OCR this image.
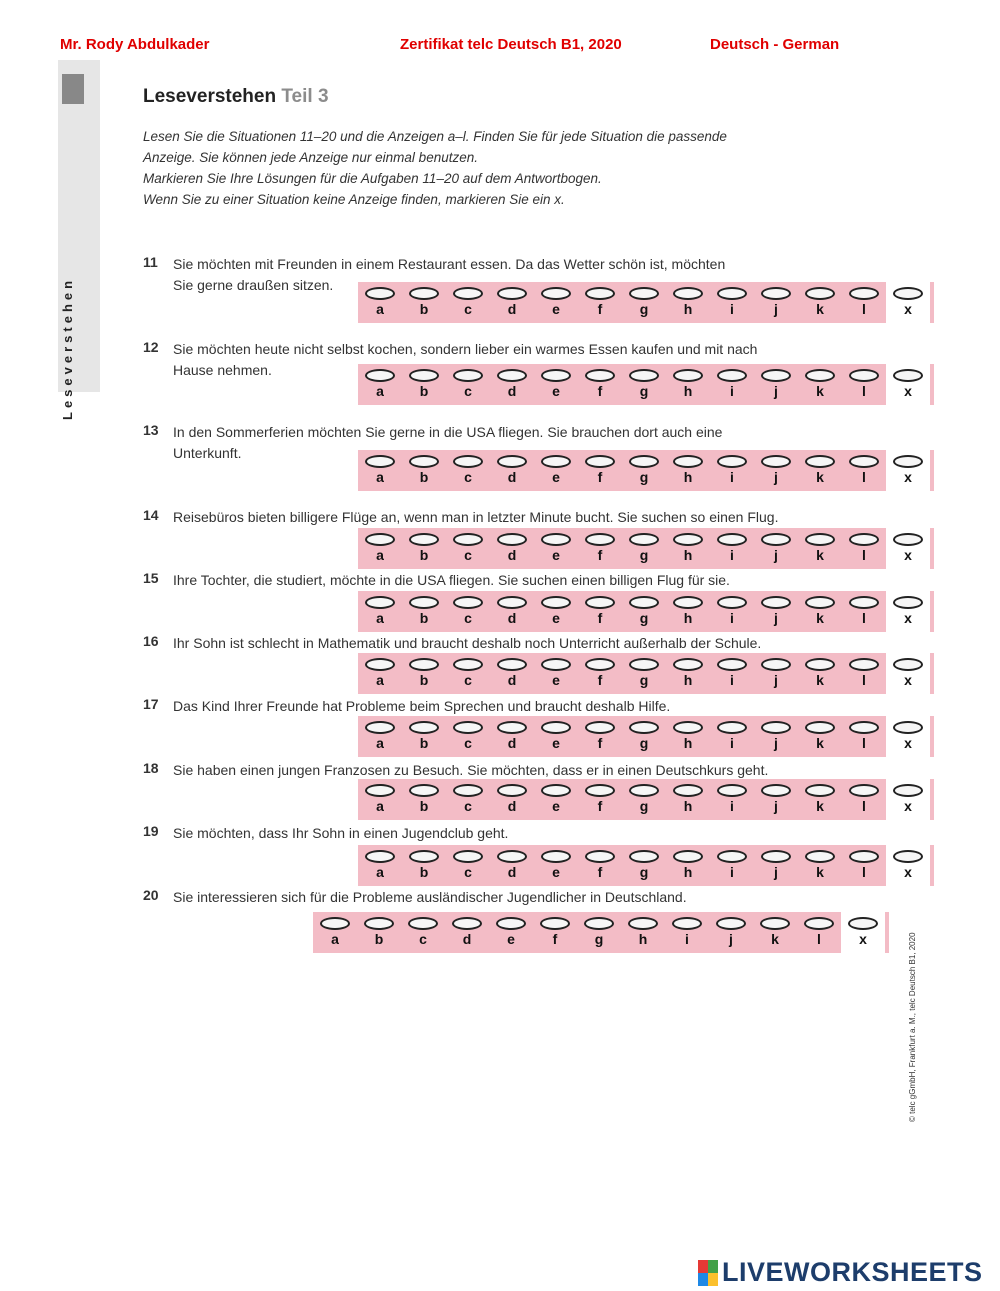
Mr. Rody Abdulkader	Zertifikat telc Deutsch B1, 2020	Deutsch - German
Leseverstehen
Leseverstehen Teil 3
Lesen Sie die Situationen 11–20 und die Anzeigen a–l. Finden Sie für jede Situation die passende
Anzeige. Sie können jede Anzeige nur einmal benutzen.
Markieren Sie Ihre Lösungen für die Aufgaben 11–20 auf dem Antwortbogen.
Wenn Sie zu einer Situation keine Anzeige finden, markieren Sie ein x.
11	Sie möchten mit Freunden in einem Restaurant essen. Da das Wetter schön ist, möchten
Sie gerne draußen sitzen.
a	b	c	d	e	f	g	h	i	j	k	l	x
12	Sie möchten heute nicht selbst kochen, sondern lieber ein warmes Essen kaufen und mit nach
Hause nehmen.
a	b	c	d	e	f	g	h	i	j	k	l	x
13	In den Sommerferien möchten Sie gerne in die USA fliegen. Sie brauchen dort auch eine
Unterkunft.
a	b	c	d	e	f	g	h	i	j	k	l	x
14	Reisebüros bieten billigere Flüge an, wenn man in letzter Minute bucht. Sie suchen so einen Flug.
a	b	c	d	e	f	g	h	i	j	k	l	x
15	Ihre Tochter, die studiert, möchte in die USA fliegen. Sie suchen einen billigen Flug für sie.
a	b	c	d	e	f	g	h	i	j	k	l	x
16	Ihr Sohn ist schlecht in Mathematik und braucht deshalb noch Unterricht außerhalb der Schule.
a	b	c	d	e	f	g	h	i	j	k	l	x
17	Das Kind Ihrer Freunde hat Probleme beim Sprechen und braucht deshalb Hilfe.
a	b	c	d	e	f	g	h	i	j	k	l	x
18	Sie haben einen jungen Franzosen zu Besuch. Sie möchten, dass er in einen Deutschkurs geht.
a	b	c	d	e	f	g	h	i	j	k	l	x
19	Sie möchten, dass Ihr Sohn in einen Jugendclub geht.
a	b	c	d	e	f	g	h	i	j	k	l	x
20	Sie interessieren sich für die Probleme ausländischer Jugendlicher in Deutschland.
a	b	c	d	e	f	g	h	i	j	k	l	x	© telc gGmbH, Frankfurt a. M., telc Deutsch B1, 2020
LIVEWORKSHEETS
